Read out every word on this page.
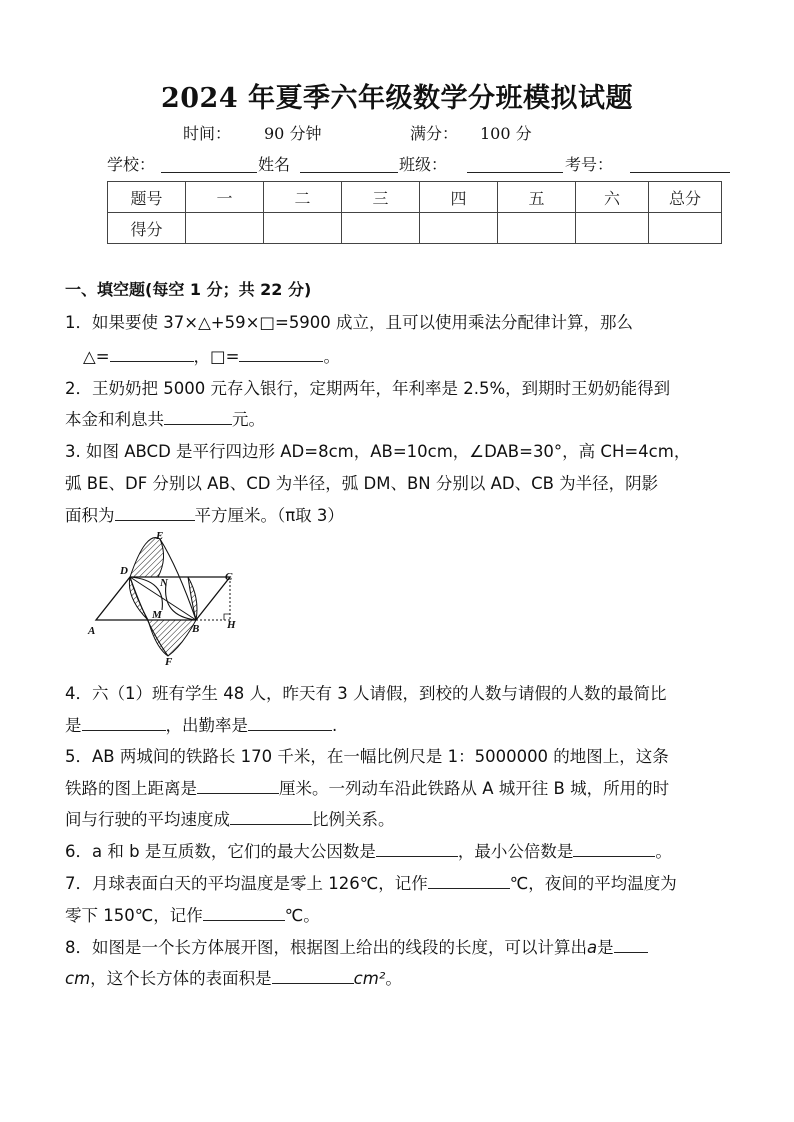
2024 年夏季六年级数学分班模拟试题
时间： 90 分钟	满分： 100 分
学校：	姓名	班级：	考号：
题号	一	二	三	四	五	六	总分
得分							
一、填空题(每空 1 分；共 22 分)
1．如果要使 37×△+59×□=5900 成立，且可以使用乘法分配律计算，那么
△=	，□=	。
2．王奶奶把 5000 元存入银行，定期两年，年利率是 2.5%，到期时王奶奶能得到
本金和利息共	元。
3. 如图 ABCD 是平行四边形 AD=8cm，AB=10cm，∠DAB=30°，高 CH=4cm，
弧 BE、DF 分别以 AB、CD 为半径，弧 DM、BN 分别以 AD、CB 为半径，阴影
面积为	平方厘米。（π取 3）
A	B
C
D
E
F
M
N
H
4．六（1）班有学生 48 人，昨天有 3 人请假，到校的人数与请假的人数的最简比
是	，出勤率是	.
5．AB 两城间的铁路长 170 千米，在一幅比例尺是 1：5000000 的地图上，这条
铁路的图上距离是	厘米。一列动车沿此铁路从 A 城开往 B 城，所用的时
间与行驶的平均速度成	比例关系。
6．a 和 b 是互质数，它们的最大公因数是	，最小公倍数是	。
7．月球表面白天的平均温度是零上 126℃，记作	℃，夜间的平均温度为
零下 150℃，记作	℃。
8．如图是一个长方体展开图，根据图上给出的线段的长度，可以计算出a是
cm，这个长方体的表面积是	cm²。
